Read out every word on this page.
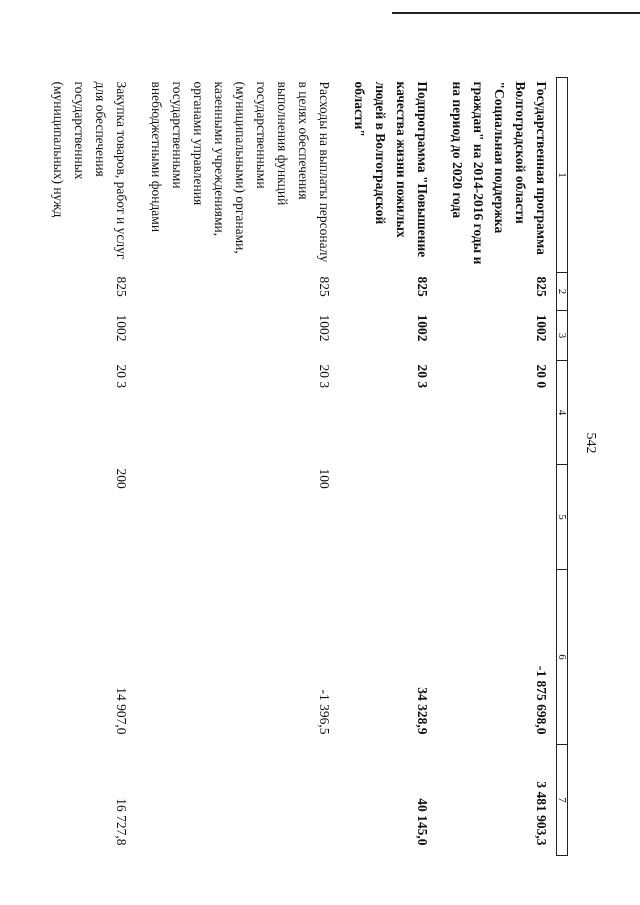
542
1	2	3	4	5	6	7
Государственная программа Волгоградской области "Социальная поддержка граждан" на 2014-2016 годы и на период до 2020 года	825	1002	20 0		-1 875 698,0	3 481 903,3
Подпрограмма "Повышение качества жизни пожилых людей в Волгоградской области"	825	1002	20 3		34 328,9	40 145,0
Расходы на выплаты персоналу в целях обеспечения выполнения функций государственными (муниципальными) органами, казенными учреждениями, органами управления государственными внебюджетными фондами	825	1002	20 3	100	-1 396,5	
Закупка товаров, работ и услуг для обеспечения государственных (муниципальных) нужд	825	1002	20 3	200	14 907,0	16 727,8
